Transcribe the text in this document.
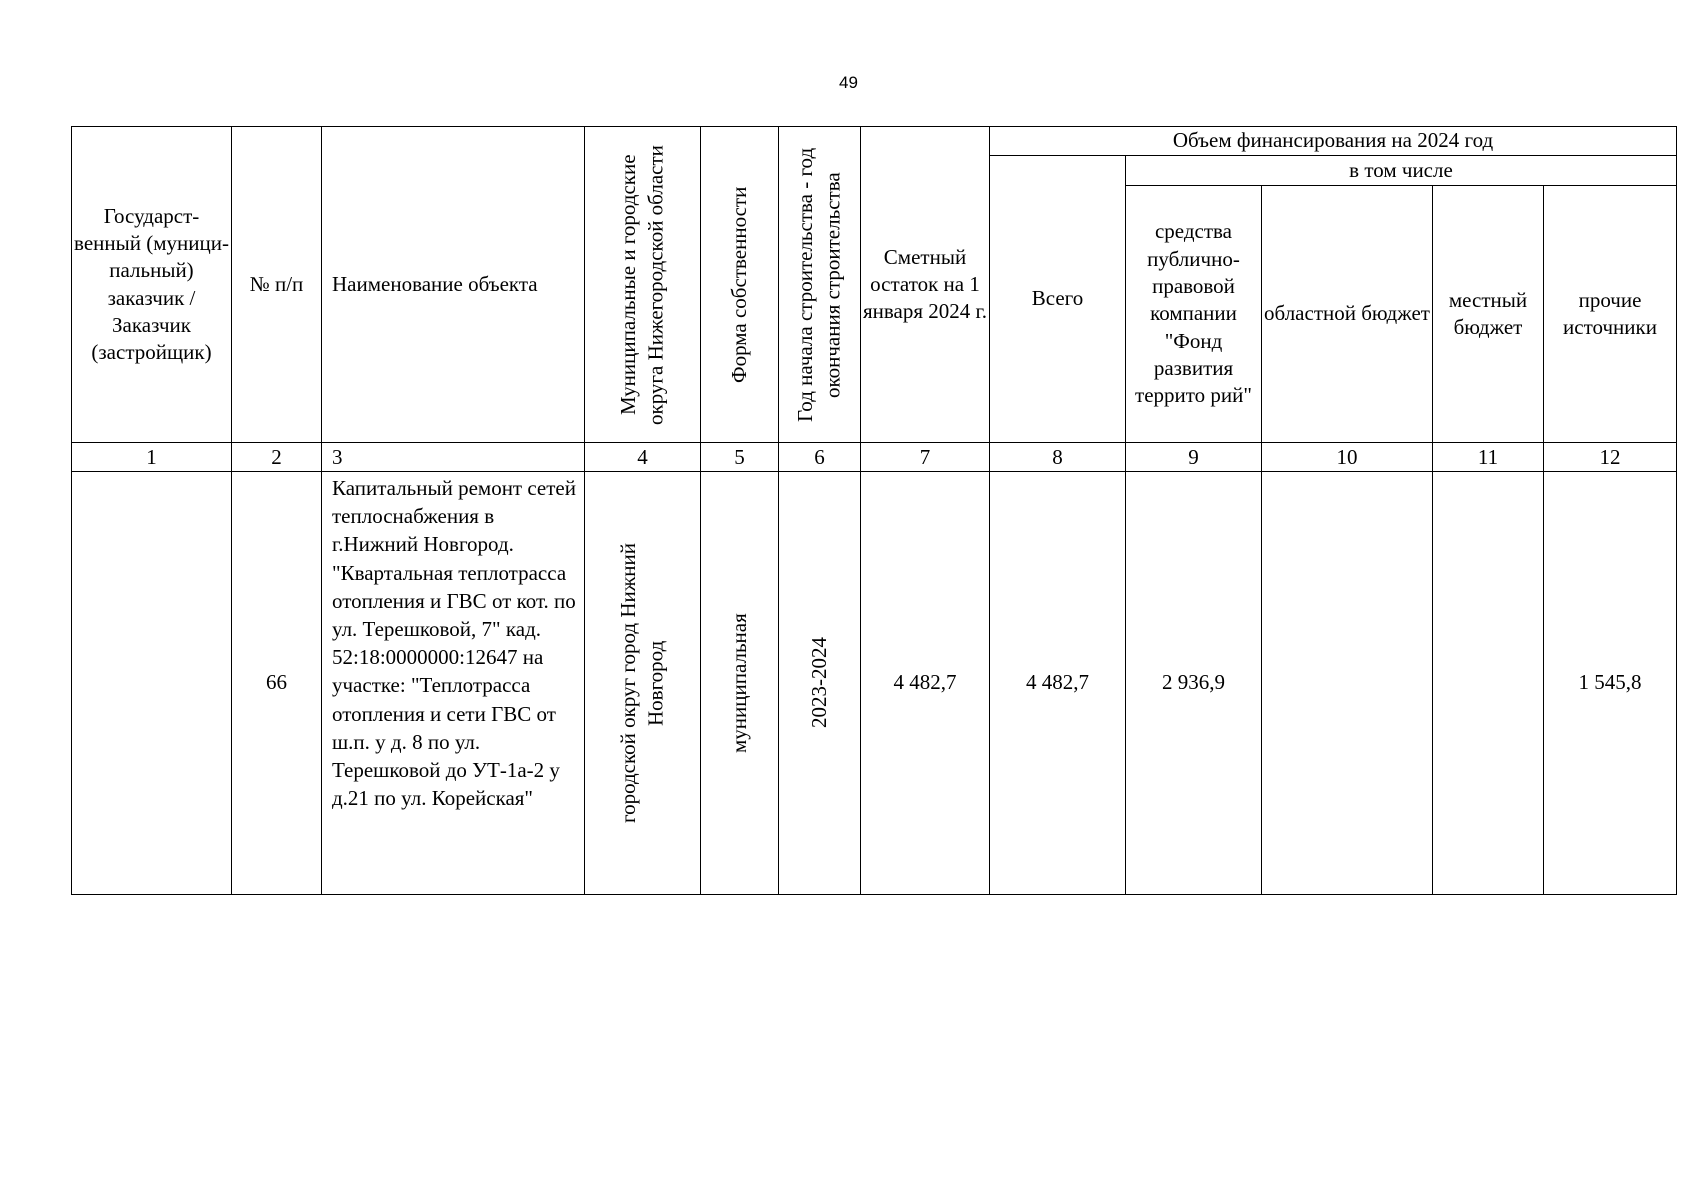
49
Государст-венный (муници-пальный) заказчик / Заказчик (застройщик)	№ п/п	Наименование объекта	Муниципальные и городские округа Нижегородской области	Форма собственности	Год начала строительства - год окончания строительства	Сметный остаток на 1 января 2024 г.	Объем финансирования на 2024 год				
							Всего	в том числе			
								средства публично-правовой компании "Фонд развития террито рий"	областной бюджет	местный бюджет	прочие источники
1	2	3	4	5	6	7	8	9	10	11	12
	66	Капитальный ремонт сетей теплоснабжения в г.Нижний Новгород. "Квартальная теплотрасса отопления и ГВС от кот. по ул. Терешковой, 7" кад. 52:18:0000000:12647 на участке: "Теплотрасса отопления и сети ГВС от ш.п. у д. 8 по ул. Терешковой до УТ-1а-2 у д.21 по ул. Корейская"	городской округ город Нижний Новгород	муниципальная	2023-2024	4 482,7	4 482,7	2 936,9			1 545,8
